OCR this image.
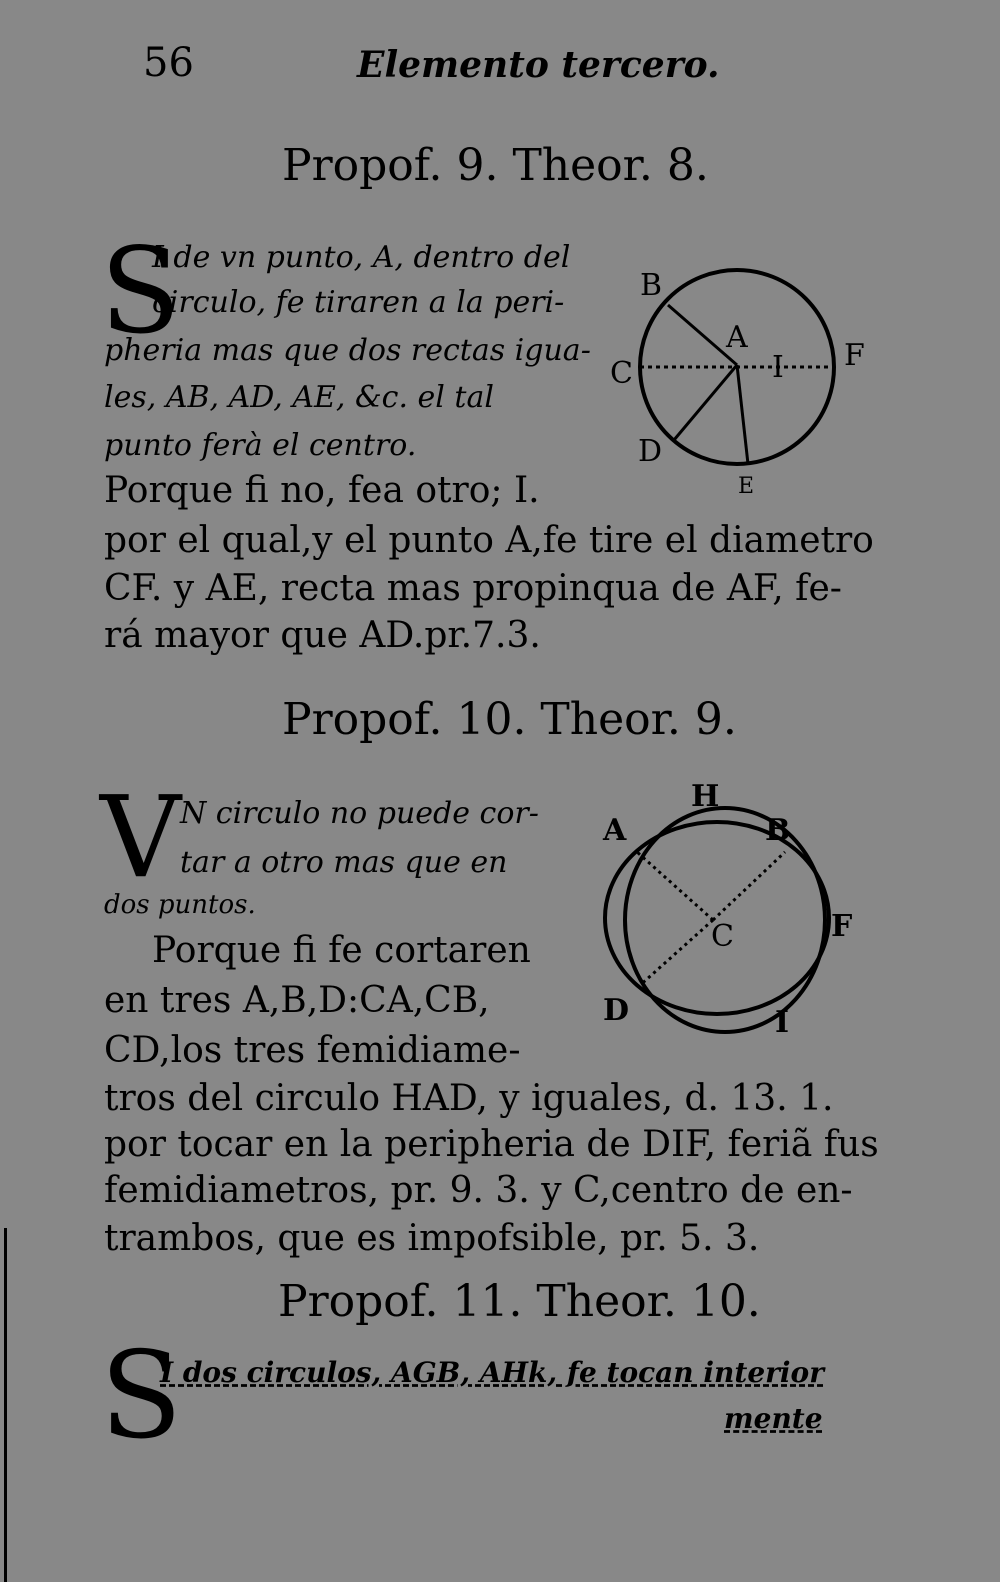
56	Elemento tercero.
Propof. 9. Theor. 8.
S
I de vn punto, A, dentro del
circulo, fe tiraren a la peri-
pheria mas que dos rectas igua-
les, AB, AD, AE, &c. el tal
punto ferà el centro.
Porque fi no, fea otro; I.
por el qual,y el punto A,fe tire el diametro
CF. y AE, recta mas propinqua de AF, fe-
rá mayor que AD.pr.7.3.
B
A
C	I F
D
E
Propof. 10. Theor. 9.
V N circulo no puede cor-
tar a otro mas que en
dos puntos.
Porque fi fe cortaren
en tres A,B,D:CA,CB,
CD,los tres femidiame-
tros del circulo HAD, y iguales, d. 13. 1.
por tocar en la peripheria de DIF, feriã fus
femidiametros, pr. 9. 3. y C,centro de en-
trambos, que es impofsible, pr. 5. 3.
H
A	B
C	F
D	I
Propof. 11. Theor. 10.
S
I dos circulos, AGB, AHk, fe tocan interior
mente
